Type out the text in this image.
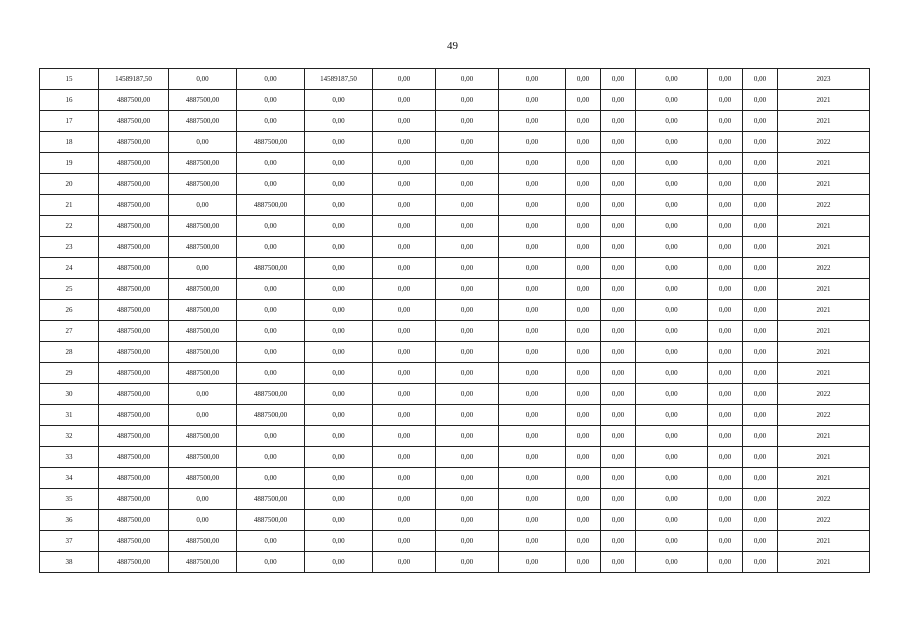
49
15	14589187,50	0,00	0,00	14589187,50	0,00	0,00	0,00	0,00	0,00	0,00	0,00	0,00	2023
16	4887500,00	4887500,00	0,00	0,00	0,00	0,00	0,00	0,00	0,00	0,00	0,00	0,00	2021
17	4887500,00	4887500,00	0,00	0,00	0,00	0,00	0,00	0,00	0,00	0,00	0,00	0,00	2021
18	4887500,00	0,00	4887500,00	0,00	0,00	0,00	0,00	0,00	0,00	0,00	0,00	0,00	2022
19	4887500,00	4887500,00	0,00	0,00	0,00	0,00	0,00	0,00	0,00	0,00	0,00	0,00	2021
20	4887500,00	4887500,00	0,00	0,00	0,00	0,00	0,00	0,00	0,00	0,00	0,00	0,00	2021
21	4887500,00	0,00	4887500,00	0,00	0,00	0,00	0,00	0,00	0,00	0,00	0,00	0,00	2022
22	4887500,00	4887500,00	0,00	0,00	0,00	0,00	0,00	0,00	0,00	0,00	0,00	0,00	2021
23	4887500,00	4887500,00	0,00	0,00	0,00	0,00	0,00	0,00	0,00	0,00	0,00	0,00	2021
24	4887500,00	0,00	4887500,00	0,00	0,00	0,00	0,00	0,00	0,00	0,00	0,00	0,00	2022
25	4887500,00	4887500,00	0,00	0,00	0,00	0,00	0,00	0,00	0,00	0,00	0,00	0,00	2021
26	4887500,00	4887500,00	0,00	0,00	0,00	0,00	0,00	0,00	0,00	0,00	0,00	0,00	2021
27	4887500,00	4887500,00	0,00	0,00	0,00	0,00	0,00	0,00	0,00	0,00	0,00	0,00	2021
28	4887500,00	4887500,00	0,00	0,00	0,00	0,00	0,00	0,00	0,00	0,00	0,00	0,00	2021
29	4887500,00	4887500,00	0,00	0,00	0,00	0,00	0,00	0,00	0,00	0,00	0,00	0,00	2021
30	4887500,00	0,00	4887500,00	0,00	0,00	0,00	0,00	0,00	0,00	0,00	0,00	0,00	2022
31	4887500,00	0,00	4887500,00	0,00	0,00	0,00	0,00	0,00	0,00	0,00	0,00	0,00	2022
32	4887500,00	4887500,00	0,00	0,00	0,00	0,00	0,00	0,00	0,00	0,00	0,00	0,00	2021
33	4887500,00	4887500,00	0,00	0,00	0,00	0,00	0,00	0,00	0,00	0,00	0,00	0,00	2021
34	4887500,00	4887500,00	0,00	0,00	0,00	0,00	0,00	0,00	0,00	0,00	0,00	0,00	2021
35	4887500,00	0,00	4887500,00	0,00	0,00	0,00	0,00	0,00	0,00	0,00	0,00	0,00	2022
36	4887500,00	0,00	4887500,00	0,00	0,00	0,00	0,00	0,00	0,00	0,00	0,00	0,00	2022
37	4887500,00	4887500,00	0,00	0,00	0,00	0,00	0,00	0,00	0,00	0,00	0,00	0,00	2021
38	4887500,00	4887500,00	0,00	0,00	0,00	0,00	0,00	0,00	0,00	0,00	0,00	0,00	2021
